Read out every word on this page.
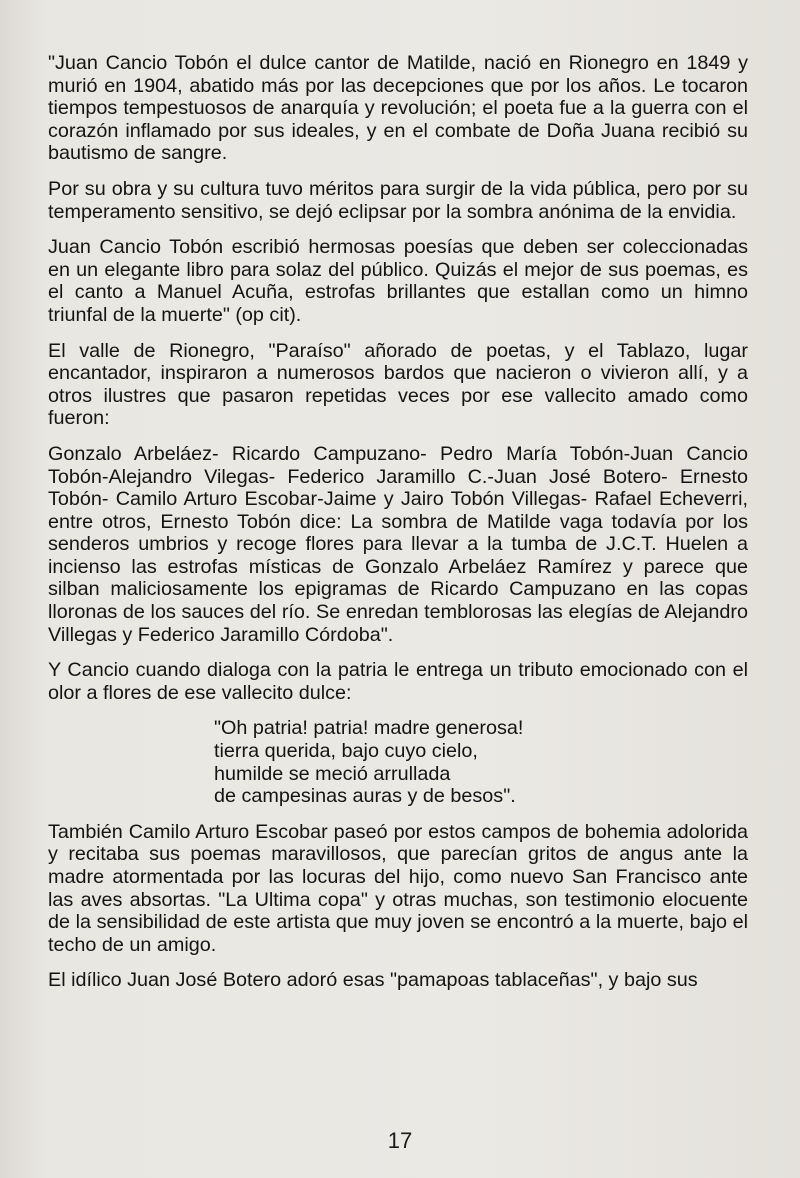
"Juan Cancio Tobón el dulce cantor de Matilde, nació en Rionegro en 1849 y murió en 1904, abatido más por las decepciones que por los años. Le tocaron tiempos tempestuosos de anarquía y revolución; el poeta fue a la guerra con el corazón inflamado por sus ideales, y en el combate de Doña Juana recibió su bautismo de sangre.

Por su obra y su cultura tuvo méritos para surgir de la vida pública, pero por su temperamento sensitivo, se dejó eclipsar por la sombra anónima de la envidia.

Juan Cancio Tobón escribió hermosas poesías que deben ser coleccionadas en un elegante libro para solaz del público. Quizás el mejor de sus poemas, es el canto a Manuel Acuña, estrofas brillantes que estallan como un himno triunfal de la muerte" (op cit).

El valle de Rionegro, "Paraíso" añorado de poetas, y el Tablazo, lugar encantador, inspiraron a numerosos bardos que nacieron o vivieron allí, y a otros ilustres que pasaron repetidas veces por ese vallecito amado como fueron:

Gonzalo Arbeláez- Ricardo Campuzano- Pedro María Tobón-Juan Cancio Tobón-Alejandro Vilegas- Federico Jaramillo C.-Juan José Botero- Ernesto Tobón- Camilo Arturo Escobar-Jaime y Jairo Tobón Villegas- Rafael Echeverri, entre otros, Ernesto Tobón dice: La sombra de Matilde vaga todavía por los senderos umbrios y recoge flores para llevar a la tumba de J.C.T. Huelen a incienso las estrofas místicas de Gonzalo Arbeláez Ramírez y parece que silban maliciosamente los epigramas de Ricardo Campuzano en las copas lloronas de los sauces del río. Se enredan temblorosas las elegías de Alejandro Villegas y Federico Jaramillo Córdoba".

Y Cancio cuando dialoga con la patria le entrega un tributo emocionado con el olor a flores de ese vallecito dulce:

"Oh patria! patria! madre generosa!
tierra querida, bajo cuyo cielo,
humilde se meció arrullada
de campesinas auras y de besos".

También Camilo Arturo Escobar paseó por estos campos de bohemia adolorida y recitaba sus poemas maravillosos, que parecían gritos de angus ante la madre atormentada por las locuras del hijo, como nuevo San Francisco ante las aves absortas. "La Ultima copa" y otras muchas, son testimonio elocuente de la sensibilidad de este artista que muy joven se encontró a la muerte, bajo el techo de un amigo.

El idílico Juan José Botero adoró esas "pamapoas tablaceñas", y bajo sus

17
